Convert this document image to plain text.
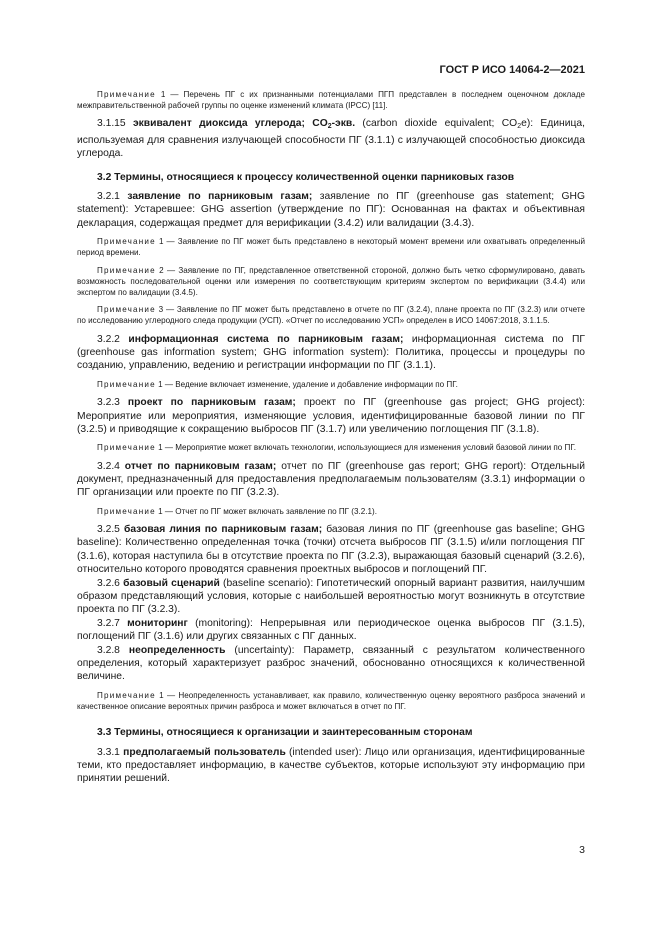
ГОСТ Р ИСО 14064-2—2021

Примечание 1 — Перечень ПГ с их признанными потенциалами ПГП представлен в последнем оценочном докладе межправительственной рабочей группы по оценке изменений климата (IPCC) [11].

3.1.15 эквивалент диоксида углерода; $CO_2$-экв. (carbon dioxide equivalent; $CO_2e$): Единица, используемая для сравнения излучающей способности ПГ (3.1.1) с излучающей способностью диоксида углерода.

3.2 Термины, относящиеся к процессу количественной оценки парниковых газов

3.2.1 заявление по парниковым газам; заявление по ПГ (greenhouse gas statement; GHG statement): Устаревшее: GHG assertion (утверждение по ПГ): Основанная на фактах и объективная декларация, содержащая предмет для верификации (3.4.2) или валидации (3.4.3).

Примечание 1 — Заявление по ПГ может быть представлено в некоторый момент времени или охватывать определенный период времени.

Примечание 2 — Заявление по ПГ, представленное ответственной стороной, должно быть четко сформулировано, давать возможность последовательной оценки или измерения по соответствующим критериям экспертом по верификации (3.4.4) или экспертом по валидации (3.4.5).

Примечание 3 — Заявление по ПГ может быть представлено в отчете по ПГ (3.2.4), плане проекта по ПГ (3.2.3) или отчете по исследованию углеродного следа продукции (УСП). «Отчет по исследованию УСП» определен в ИСО 14067:2018, 3.1.1.5.

3.2.2 информационная система по парниковым газам; информационная система по ПГ (greenhouse gas information system; GHG information system): Политика, процессы и процедуры по созданию, управлению, ведению и регистрации информации по ПГ (3.1.1).

Примечание 1 — Ведение включает изменение, удаление и добавление информации по ПГ.

3.2.3 проект по парниковым газам; проект по ПГ (greenhouse gas project; GHG project): Мероприятие или мероприятия, изменяющие условия, идентифицированные базовой линии по ПГ (3.2.5) и приводящие к сокращению выбросов ПГ (3.1.7) или увеличению поглощения ПГ (3.1.8).

Примечание 1 — Мероприятие может включать технологии, использующиеся для изменения условий базовой линии по ПГ.

3.2.4 отчет по парниковым газам; отчет по ПГ (greenhouse gas report; GHG report): Отдельный документ, предназначенный для предоставления предполагаемым пользователям (3.3.1) информации о ПГ организации или проекте по ПГ (3.2.3).

Примечание 1 — Отчет по ПГ может включать заявление по ПГ (3.2.1).

3.2.5 базовая линия по парниковым газам; базовая линия по ПГ (greenhouse gas baseline; GHG baseline): Количественно определенная точка (точки) отсчета выбросов ПГ (3.1.5) и/или поглощения ПГ (3.1.6), которая наступила бы в отсутствие проекта по ПГ (3.2.3), выражающая базовый сценарий (3.2.6), относительно которого проводятся сравнения проектных выбросов и поглощений ПГ.

3.2.6 базовый сценарий (baseline scenario): Гипотетический опорный вариант развития, наилучшим образом представляющий условия, которые с наибольшей вероятностью могут возникнуть в отсутствие проекта по ПГ (3.2.3).

3.2.7 мониторинг (monitoring): Непрерывная или периодическое оценка выбросов ПГ (3.1.5), поглощений ПГ (3.1.6) или других связанных с ПГ данных.

3.2.8 неопределенность (uncertainty): Параметр, связанный с результатом количественного определения, который характеризует разброс значений, обоснованно относящихся к количественной величине.

Примечание 1 — Неопределенность устанавливает, как правило, количественную оценку вероятного разброса значений и качественное описание вероятных причин разброса и может включаться в отчет по ПГ.

3.3 Термины, относящиеся к организации и заинтересованным сторонам

3.3.1 предполагаемый пользователь (intended user): Лицо или организация, идентифицированные теми, кто предоставляет информацию, в качестве субъектов, которые используют эту информацию при принятии решений.

3
